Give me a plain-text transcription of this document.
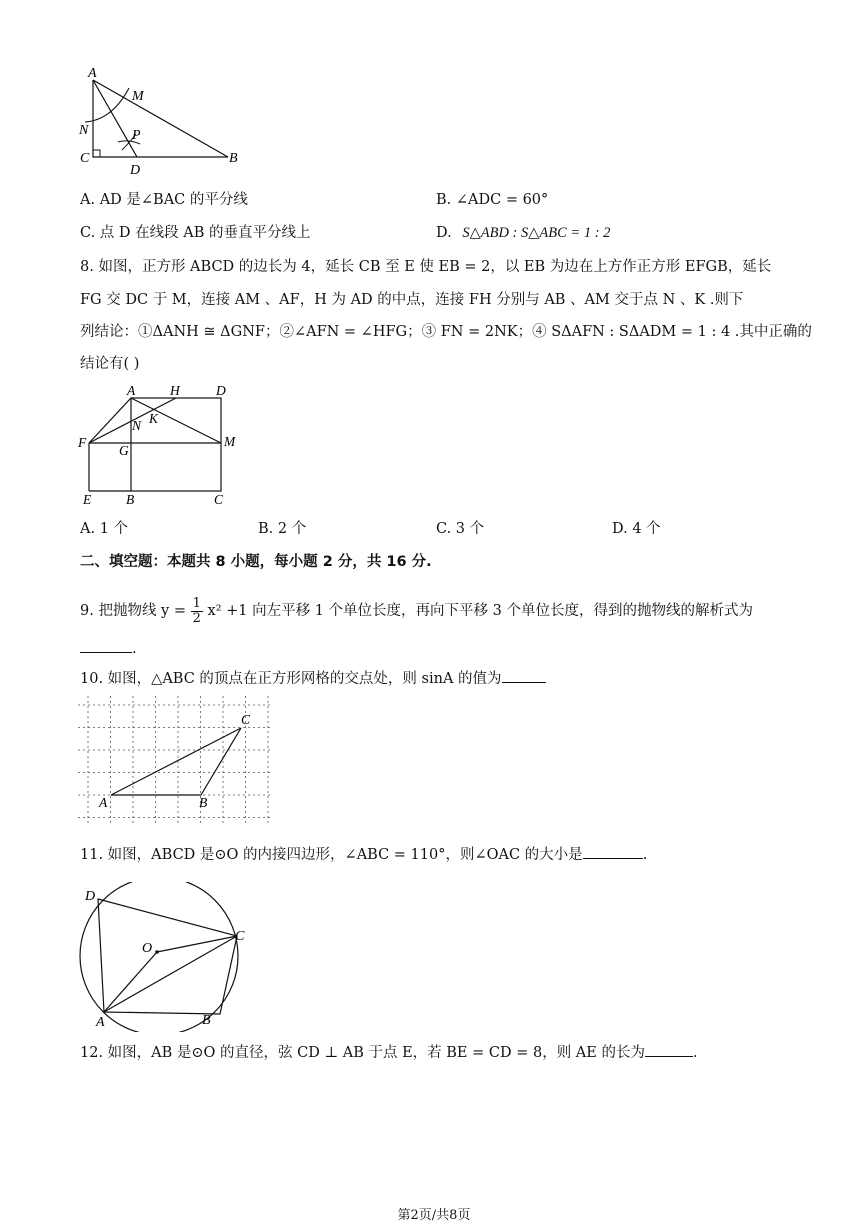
A
M
N	P
C
D
B
A. AD 是∠BAC 的平分线	B. ∠ADC = 60°
C. 点 D 在线段 AB 的垂直平分线上	D. S△ABD : S△ABC = 1 : 2
8. 如图，正方形 ABCD 的边长为 4，延长 CB 至 E 使 EB = 2，以 EB 为边在上方作正方形 EFGB，延长
FG 交 DC 于 M，连接 AM 、AF，H 为 AD 的中点，连接 FH 分别与 AB 、AM 交于点 N 、K .则下
列结论：①ΔANH ≅ ΔGNF；②∠AFN = ∠HFG；③ FN = 2NK；④ SΔAFN : SΔADM = 1 : 4 .其中正确的
结论有( )
A	H	D
K
N
F
G
M
E	B	C
A. 1 个	B. 2 个	C. 3 个	D. 4 个
二、填空题：本题共 8 小题，每小题 2 分，共 16 分.
9. 把抛物线 $y = \frac{1}{2} x^2 +1$ 向左平移 1 个单位长度，再向下平移 3 个单位长度，得到的抛物线的解析式为
.
10. 如图，△ABC 的顶点在正方形网格的交点处，则 sinA 的值为
A	B
C
11. 如图，ABCD 是⊙O 的内接四边形，∠ABC = 110°，则∠OAC 的大小是	.
D
O
C
A	B
12. 如图，AB 是⊙O 的直径，弦 CD ⊥ AB 于点 E，若 BE = CD = 8，则 AE 的长为	.
第2页/共8页
